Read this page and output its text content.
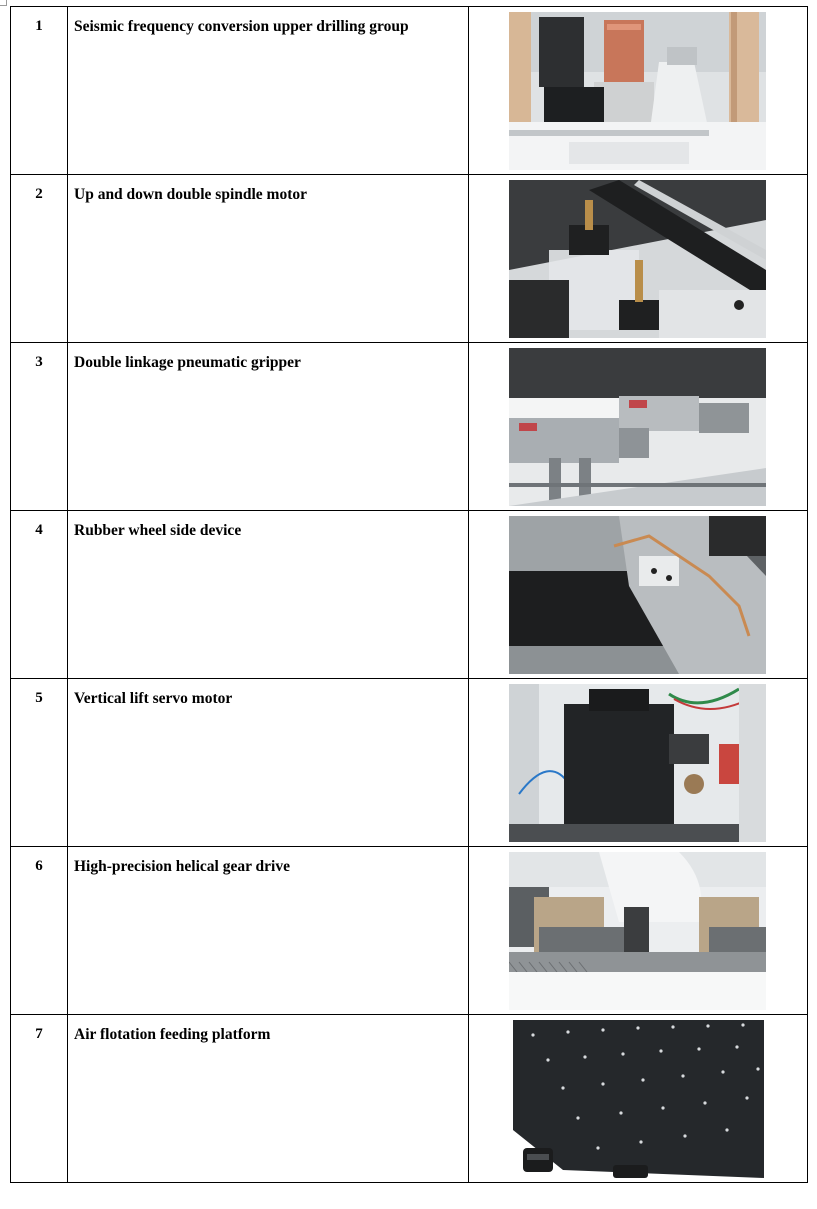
1	Seismic frequency conversion upper drilling group	

2	Up and down double spindle motor	

3	Double linkage pneumatic gripper	

4	Rubber wheel side device	

5	Vertical lift servo motor	

6	High-precision helical gear drive	

7	Air flotation feeding platform	
